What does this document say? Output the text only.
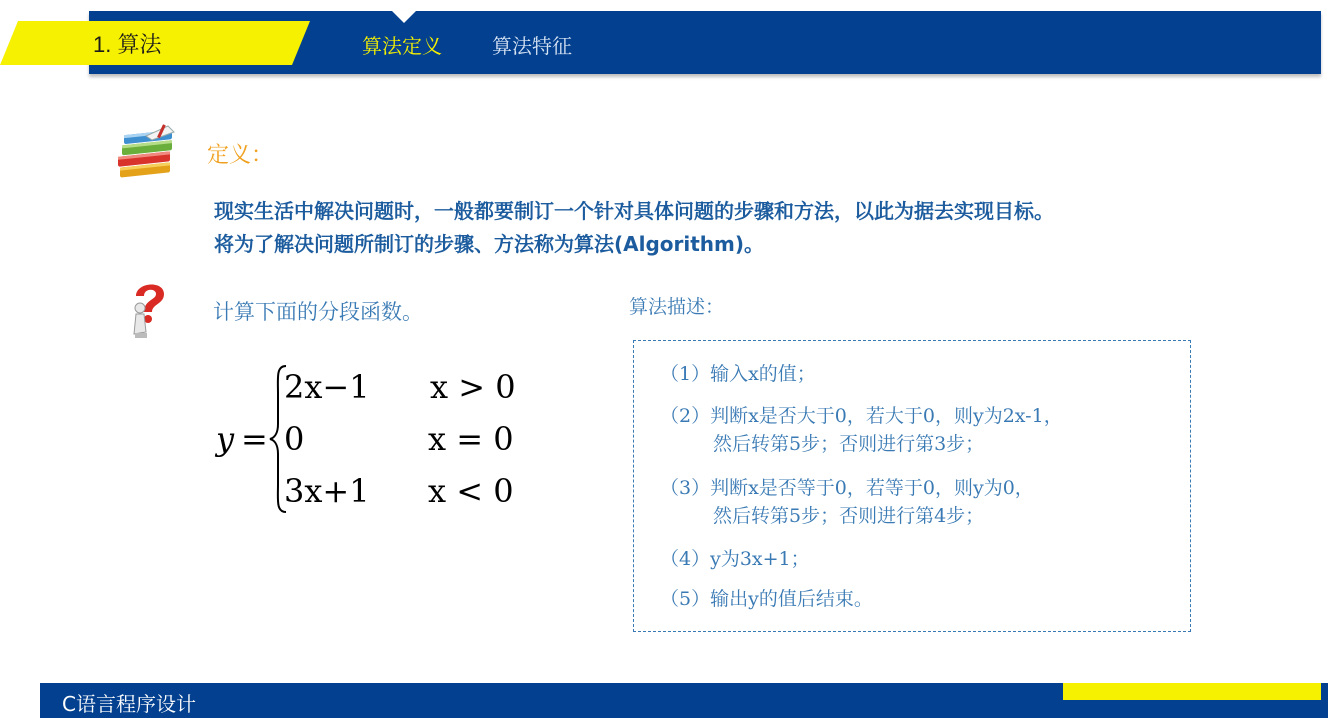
1. 算法	算法定义	算法特征
定义：
现实生活中解决问题时，一般都要制订一个针对具体问题的步骤和方法，以此为据去实现目标。
将为了解决问题所制订的步骤、方法称为算法(Algorithm)。
计算下面的分段函数。
y =
2x−1 x > 0
0	x = 0
3x+1 x < 0
算法描述：
（1）输入x的值；
（2）判断x是否大于0，若大于0，则y为2x-1，
然后转第5步；否则进行第3步；
（3）判断x是否等于0，若等于0，则y为0，
然后转第5步；否则进行第4步；
（4）y为3x+1；
（5）输出y的值后结束。
C语言程序设计
